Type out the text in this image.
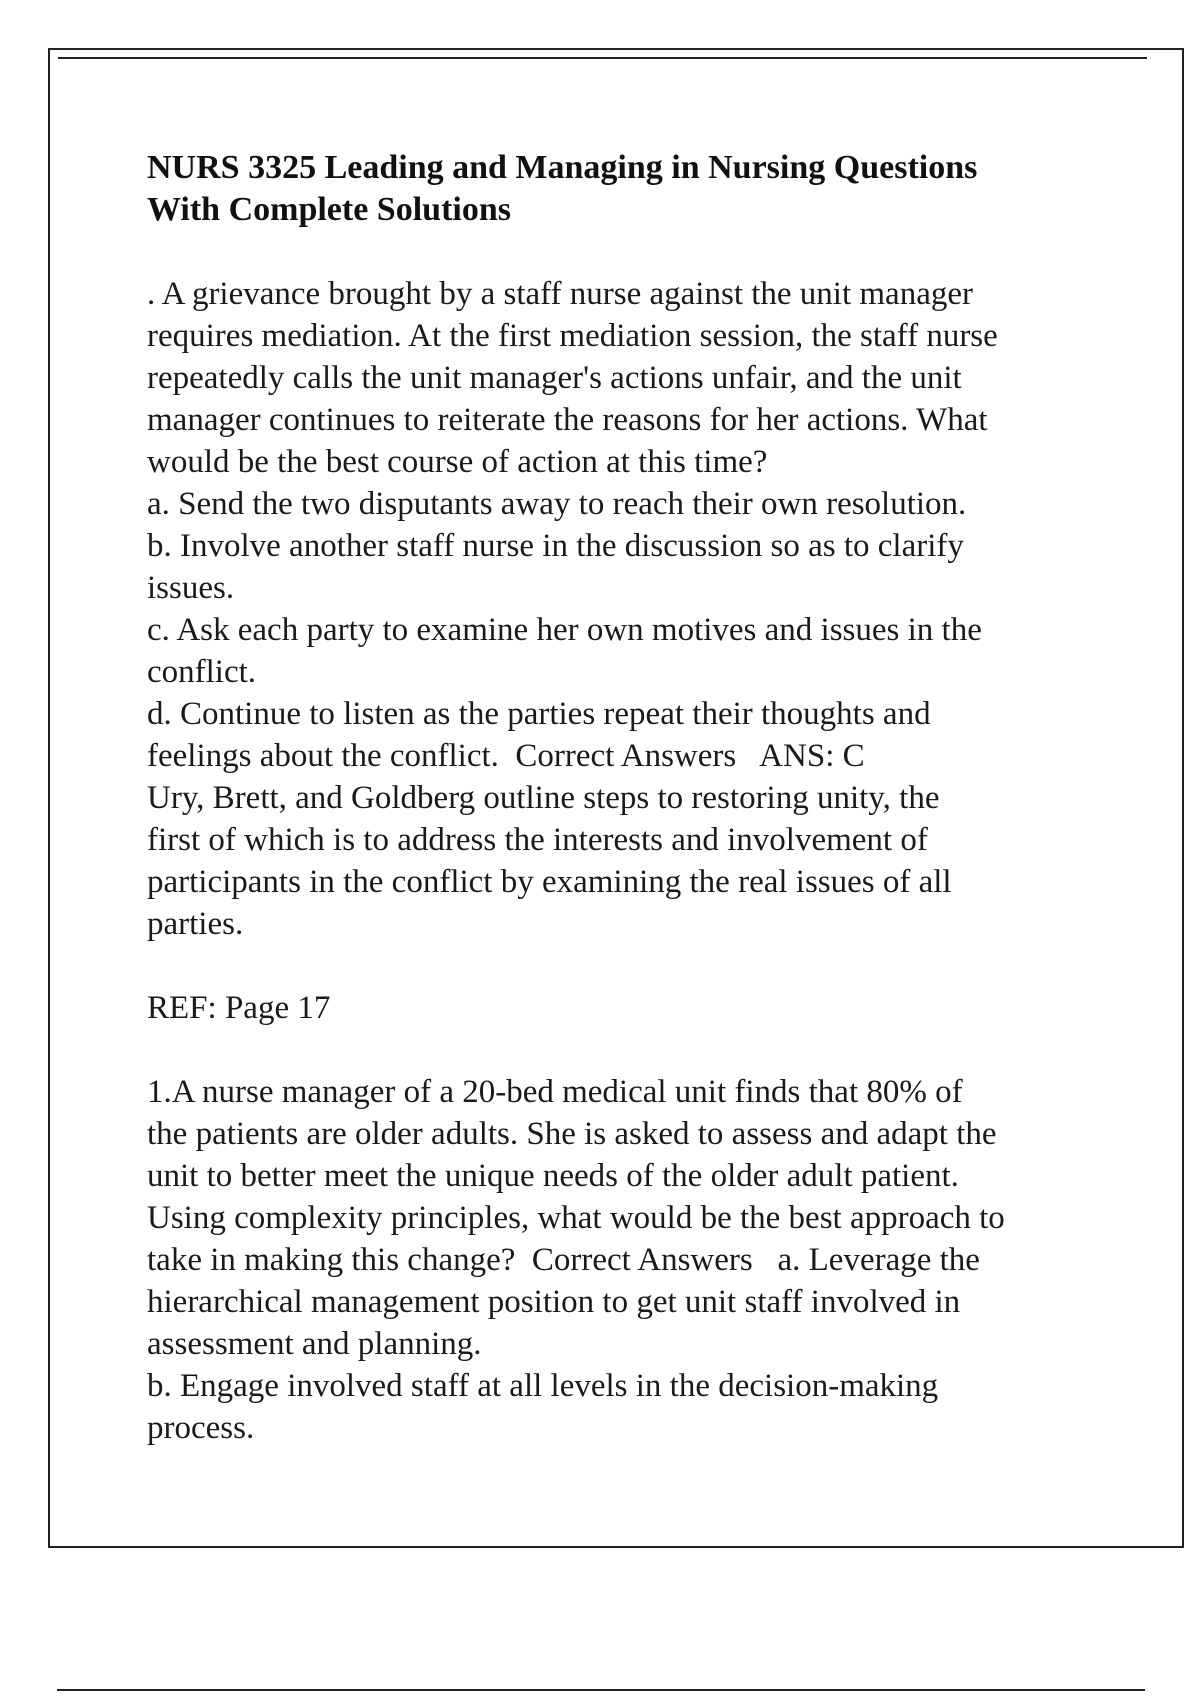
NURS 3325 Leading and Managing in Nursing Questions
With Complete Solutions
. A grievance brought by a staff nurse against the unit manager
requires mediation. At the first mediation session, the staff nurse
repeatedly calls the unit manager's actions unfair, and the unit
manager continues to reiterate the reasons for her actions. What
would be the best course of action at this time?
a. Send the two disputants away to reach their own resolution.
b. Involve another staff nurse in the discussion so as to clarify
issues.
c. Ask each party to examine her own motives and issues in the
conflict.
d. Continue to listen as the parties repeat their thoughts and
feelings about the conflict.  Correct Answers   ANS: C
Ury, Brett, and Goldberg outline steps to restoring unity, the
first of which is to address the interests and involvement of
participants in the conflict by examining the real issues of all
parties.
REF: Page 17
1.A nurse manager of a 20-bed medical unit finds that 80% of
the patients are older adults. She is asked to assess and adapt the
unit to better meet the unique needs of the older adult patient.
Using complexity principles, what would be the best approach to
take in making this change?  Correct Answers   a. Leverage the
hierarchical management position to get unit staff involved in
assessment and planning.
b. Engage involved staff at all levels in the decision-making
process.
